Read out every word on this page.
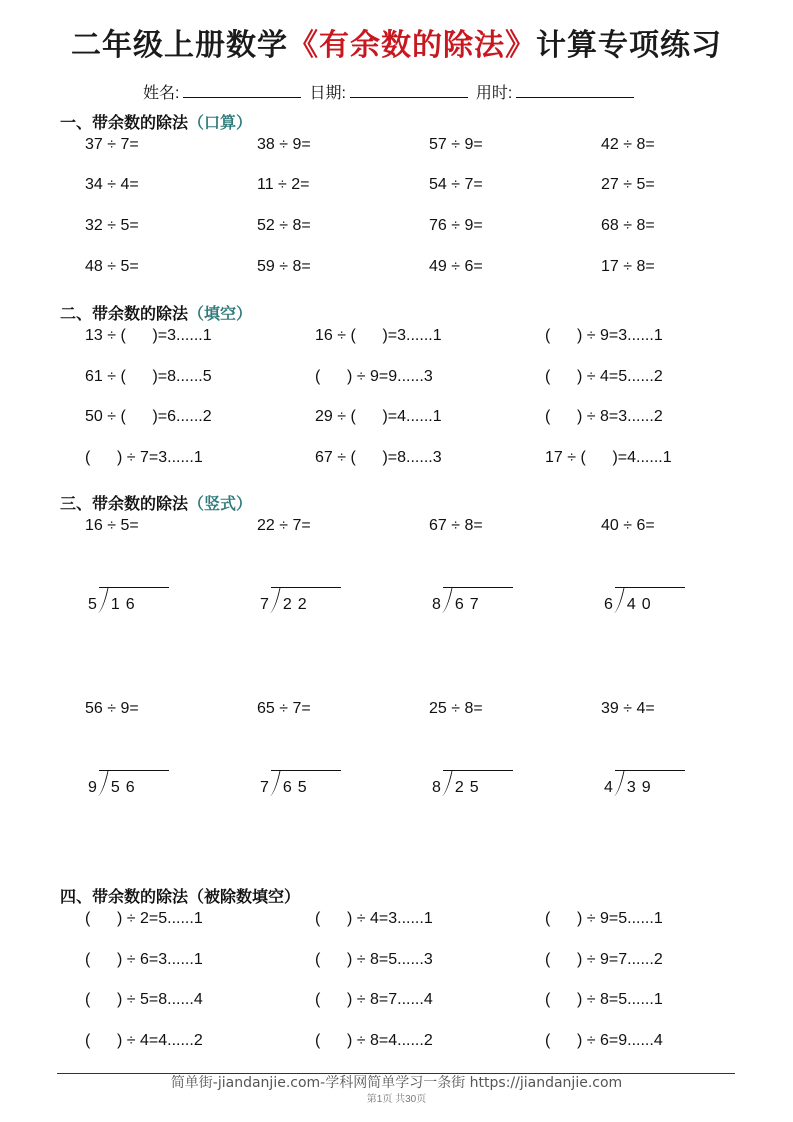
二年级上册数学《有余数的除法》计算专项练习
姓名:	日期:	用时:
一、带余数的除法（口算）
二、带余数的除法（填空）
三、带余数的除法（竖式）
四、带余数的除法（被除数填空）
37 ÷ 7=	38 ÷ 9=	57 ÷ 9=	42 ÷ 8=
34 ÷ 4=	11 ÷ 2=	54 ÷ 7=	27 ÷ 5=
32 ÷ 5=	52 ÷ 8=	76 ÷ 9=	68 ÷ 8=
48 ÷ 5=	59 ÷ 8=	49 ÷ 6=	17 ÷ 8=
13 ÷ (      )=3......1	16 ÷ (      )=3......1	(      ) ÷ 9=3......1
61 ÷ (      )=8......5	(      ) ÷ 9=9......3	(      ) ÷ 4=5......2
50 ÷ (      )=6......2	29 ÷ (      )=4......1	(      ) ÷ 8=3......2
(      ) ÷ 7=3......1	67 ÷ (      )=8......3	17 ÷ (      )=4......1
16 ÷ 5=	22 ÷ 7=	67 ÷ 8=	40 ÷ 6=
5 16	7 22	8 67	6 40
56 ÷ 9=	65 ÷ 7=	25 ÷ 8=	39 ÷ 4=
9 56	7 65	8 25	4 39
(      ) ÷ 2=5......1	(      ) ÷ 4=3......1	(      ) ÷ 9=5......1
(      ) ÷ 6=3......1	(      ) ÷ 8=5......3	(      ) ÷ 9=7......2
(      ) ÷ 5=8......4	(      ) ÷ 8=7......4	(      ) ÷ 8=5......1
(      ) ÷ 4=4......2	(      ) ÷ 8=4......2	(      ) ÷ 6=9......4
简单街-jiandanjie.com-学科网简单学习一条街 https://jiandanjie.com
第1页 共30页
